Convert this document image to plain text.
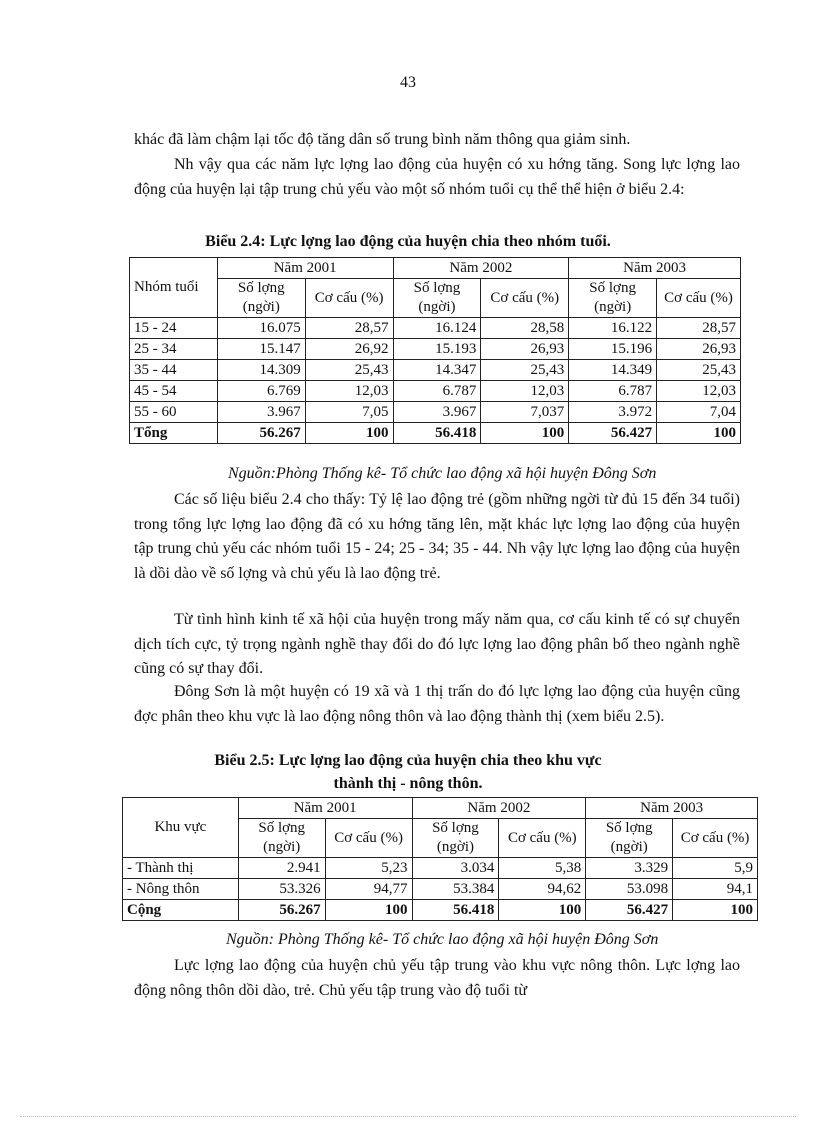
43

khác đã làm chậm lại tốc độ tăng dân số trung bình năm thông qua giảm sinh.

Nh vậy qua các năm lực lợng lao động của huyện có xu hớng tăng. Song lực lợng lao động của huyện lại tập trung chủ yếu vào một số nhóm tuổi cụ thể thể hiện ở biểu 2.4:

Biểu 2.4: Lực lợng lao động của huyện chia theo nhóm tuổi.

Nhóm tuổi	Năm 2001		Năm 2002		Năm 2003	
	Số lợng (ngời)	Cơ cấu (%)	Số lợng (ngời)	Cơ cấu (%)	Số lợng (ngời)	Cơ cấu (%)

15 - 24	16.075	28,57	16.124	28,58	16.122	28,57
25 - 34	15.147	26,92	15.193	26,93	15.196	26,93
35 - 44	14.309	25,43	14.347	25,43	14.349	25,43
45 - 54	6.769	12,03	6.787	12,03	6.787	12,03
55 - 60	3.967	7,05	3.967	7,037	3.972	7,04
Tổng	56.267	100	56.418	100	56.427	100

Nguồn:Phòng Thống kê- Tổ chức lao động xã hội huyện Đông Sơn

Các số liệu biểu 2.4 cho thấy: Tỷ lệ lao động trẻ (gồm những ngời từ đủ 15 đến 34 tuổi) trong tổng lực lợng lao động đã có xu hớng tăng lên, mặt khác lực lợng lao động của huyện tập trung chủ yếu các nhóm tuổi 15 - 24; 25 - 34; 35 - 44. Nh vậy lực lợng lao động của huyện là dồi dào về số lợng và chủ yếu là lao động trẻ.

Từ tình hình kinh tế xã hội của huyện trong mấy năm qua, cơ cấu kinh tế có sự chuyển dịch tích cực, tỷ trọng ngành nghề thay đổi do đó lực lợng lao động phân bố theo ngành nghề cũng có sự thay đổi.

Đông Sơn là một huyện có 19 xã và 1 thị trấn do đó lực lợng lao động của huyện cũng đợc phân theo khu vực là lao động nông thôn và lao động thành thị (xem biểu 2.5).

Biểu 2.5: Lực lợng lao động của huyện chia theo khu vực

thành thị - nông thôn.

Khu vực	Năm 2001		Năm 2002		Năm 2003	
	Số lợng (ngời)	Cơ cấu (%)	Số lợng (ngời)	Cơ cấu (%)	Số lợng (ngời)	Cơ cấu (%)

- Thành thị	2.941	5,23	3.034	5,38	3.329	5,9
- Nông thôn	53.326	94,77	53.384	94,62	53.098	94,1
Cộng	56.267	100	56.418	100	56.427	100

Nguồn: Phòng Thống kê- Tổ chức lao động xã hội huyện Đông Sơn

Lực lợng lao động của huyện chủ yếu tập trung vào khu vực nông thôn. Lực lợng lao động nông thôn dồi dào, trẻ. Chủ yếu tập trung vào độ tuổi từ
